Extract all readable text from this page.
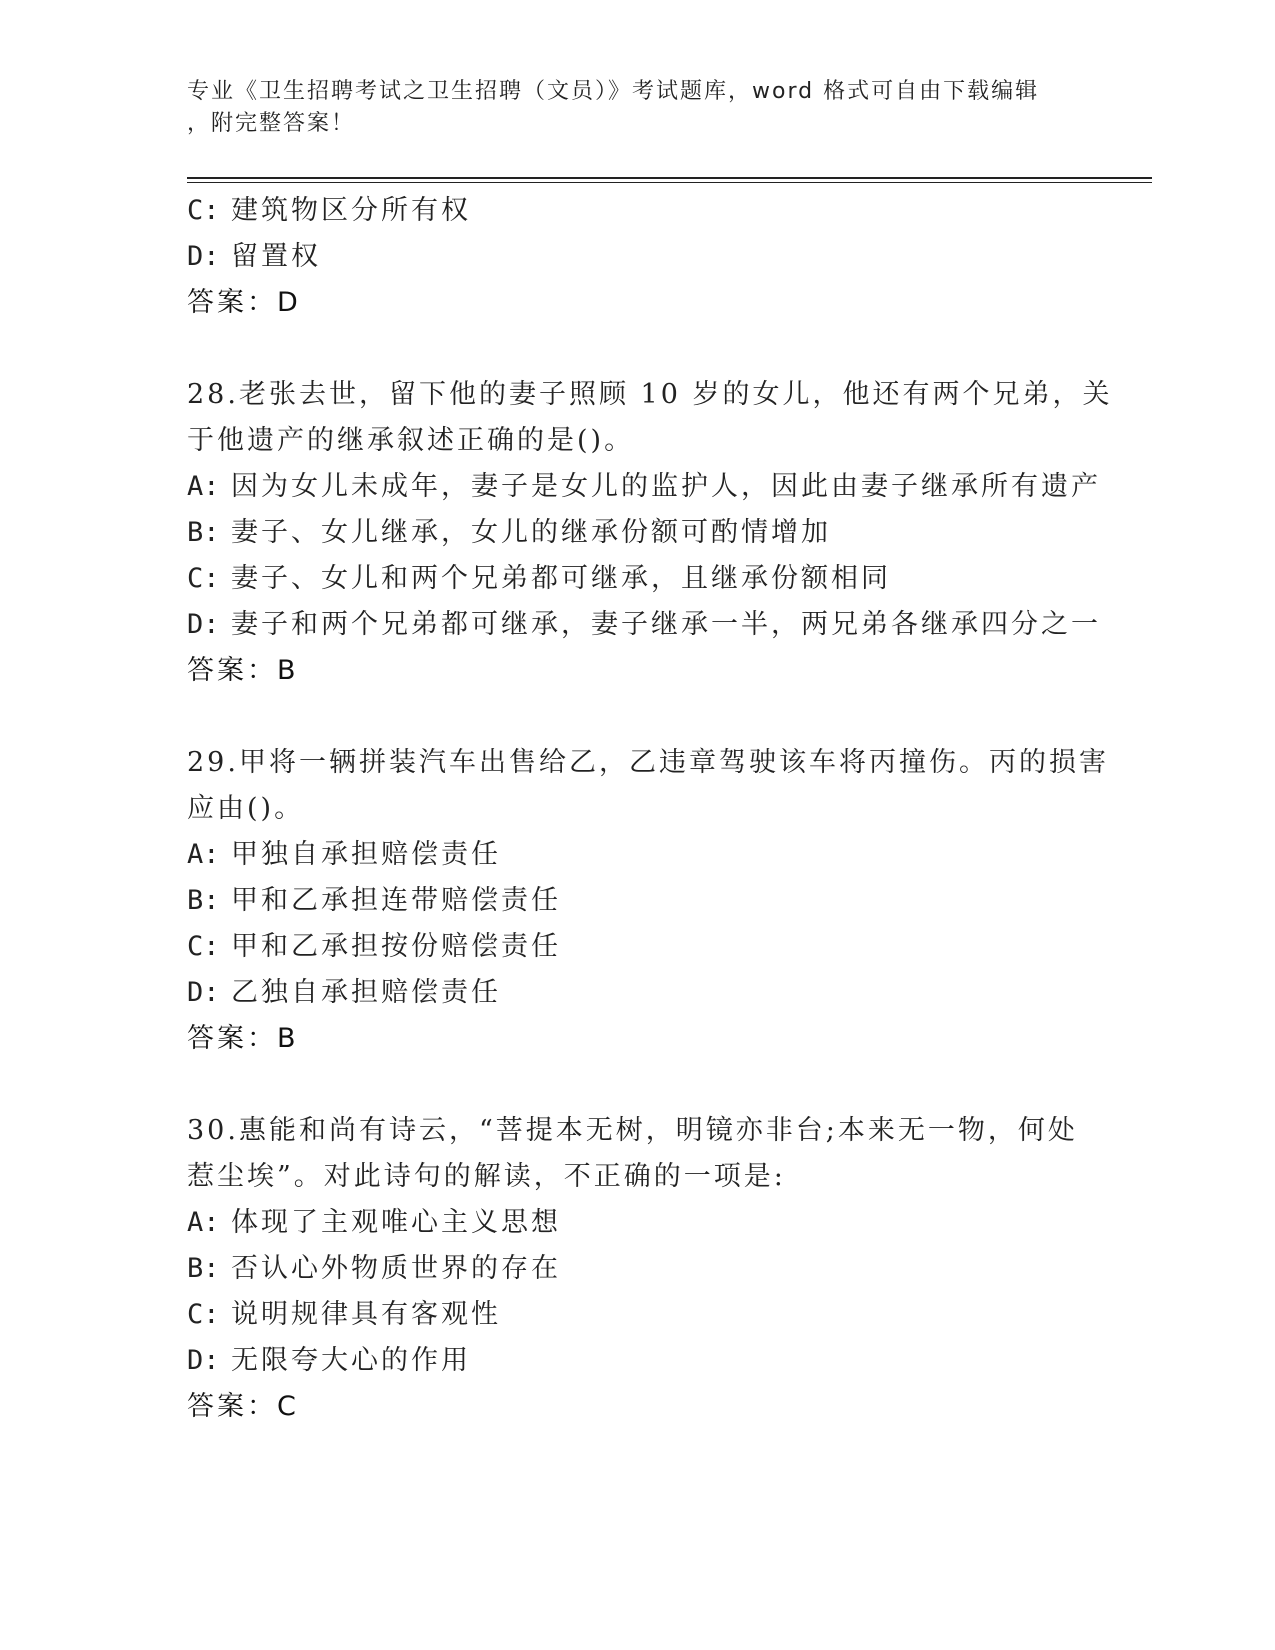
专业《卫生招聘考试之卫生招聘（文员）》考试题库，word 格式可自由下载编辑
，附完整答案！
C: 建筑物区分所有权
D: 留置权
答案：D
28.老张去世，留下他的妻子照顾 10 岁的女儿，他还有两个兄弟，关
于他遗产的继承叙述正确的是()。
A: 因为女儿未成年，妻子是女儿的监护人，因此由妻子继承所有遗产
B: 妻子、女儿继承，女儿的继承份额可酌情增加
C: 妻子、女儿和两个兄弟都可继承，且继承份额相同
D: 妻子和两个兄弟都可继承，妻子继承一半，两兄弟各继承四分之一
答案：B
29.甲将一辆拼装汽车出售给乙，乙违章驾驶该车将丙撞伤。丙的损害
应由()。
A: 甲独自承担赔偿责任
B: 甲和乙承担连带赔偿责任
C: 甲和乙承担按份赔偿责任
D: 乙独自承担赔偿责任
答案：B
30.惠能和尚有诗云，“菩提本无树，明镜亦非台;本来无一物，何处
惹尘埃”。对此诗句的解读，不正确的一项是:
A: 体现了主观唯心主义思想
B: 否认心外物质世界的存在
C: 说明规律具有客观性
D: 无限夸大心的作用
答案：C
